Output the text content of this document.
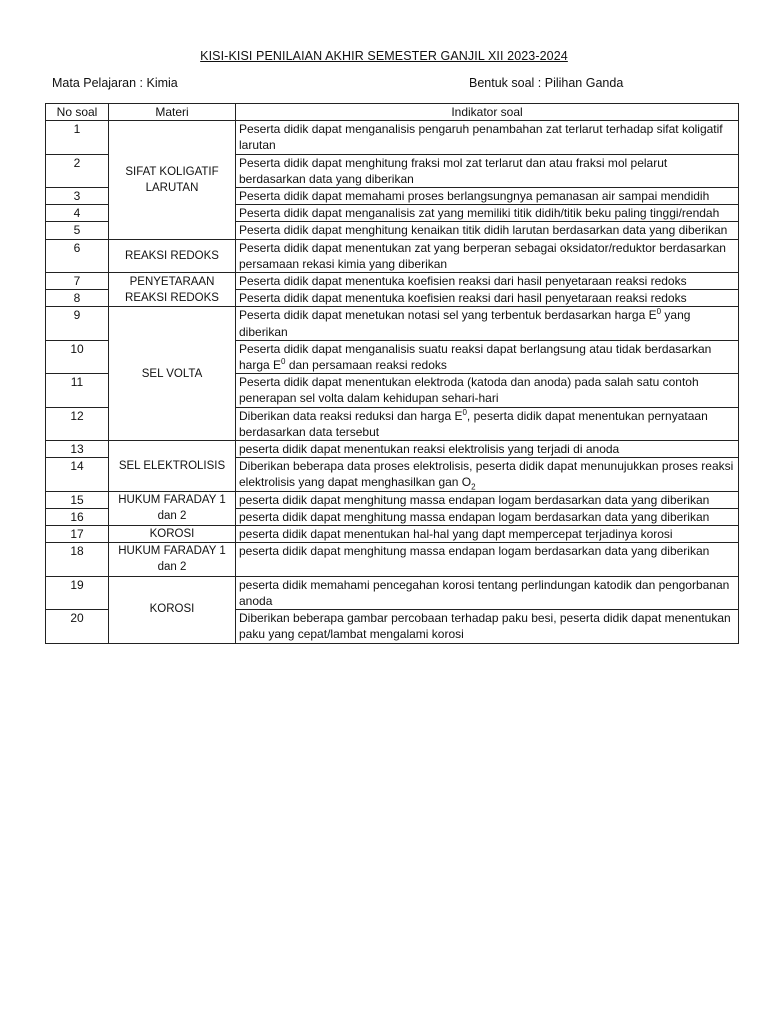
KISI-KISI PENILAIAN AKHIR SEMESTER GANJIL XII 2023-2024
Mata Pelajaran : Kimia	Bentuk soal : Pilihan Ganda
No soal	Materi	Indikator soal
1	SIFAT KOLIGATIF LARUTAN	Peserta didik dapat menganalisis pengaruh penambahan zat terlarut terhadap sifat koligatif larutan
2		Peserta didik dapat menghitung fraksi mol zat terlarut dan atau fraksi mol pelarut berdasarkan data yang diberikan
3		Peserta didik dapat memahami proses berlangsungnya pemanasan air sampai mendidih
4		Peserta didik dapat menganalisis zat yang memiliki titik didih/titik beku paling tinggi/rendah
5		Peserta didik dapat menghitung kenaikan titik didih larutan berdasarkan data yang diberikan
6	REAKSI REDOKS	Peserta didik dapat menentukan zat yang berperan sebagai oksidator/reduktor berdasarkan persamaan rekasi kimia yang diberikan
7	PENYETARAAN REAKSI REDOKS	Peserta didik dapat menentuka koefisien reaksi dari hasil penyetaraan reaksi redoks
8		Peserta didik dapat menentuka koefisien reaksi dari hasil penyetaraan reaksi redoks
9	SEL VOLTA	Peserta didik dapat menetukan notasi sel yang terbentuk berdasarkan harga $E^0$ yang diberikan
10		Peserta didik dapat menganalisis suatu reaksi dapat berlangsung atau tidak berdasarkan harga $E^0$ dan persamaan reaksi redoks
11		Peserta didik dapat menentukan elektroda (katoda dan anoda) pada salah satu contoh penerapan sel volta dalam kehidupan sehari-hari
12		Diberikan data reaksi reduksi dan harga $E^0$, peserta didik dapat menentukan pernyataan berdasarkan data tersebut
13	SEL ELEKTROLISIS	peserta didik dapat menentukan reaksi elektrolisis yang terjadi di anoda
14		Diberikan beberapa data proses elektrolisis, peserta didik dapat menunujukkan proses reaksi elektrolisis yang dapat menghasilkan gan $O_2$
15	HUKUM FARADAY 1 dan 2	peserta didik dapat menghitung massa endapan logam berdasarkan data yang diberikan
16		peserta didik dapat menghitung massa endapan logam berdasarkan data yang diberikan
17	KOROSI	peserta didik dapat menentukan hal-hal yang dapt mempercepat terjadinya korosi
18	HUKUM FARADAY 1 dan 2	peserta didik dapat menghitung massa endapan logam berdasarkan data yang diberikan
19	KOROSI	peserta didik memahami pencegahan korosi tentang perlindungan katodik dan pengorbanan anoda
20		Diberikan beberapa gambar percobaan terhadap paku besi, peserta didik dapat menentukan paku yang cepat/lambat mengalami korosi
